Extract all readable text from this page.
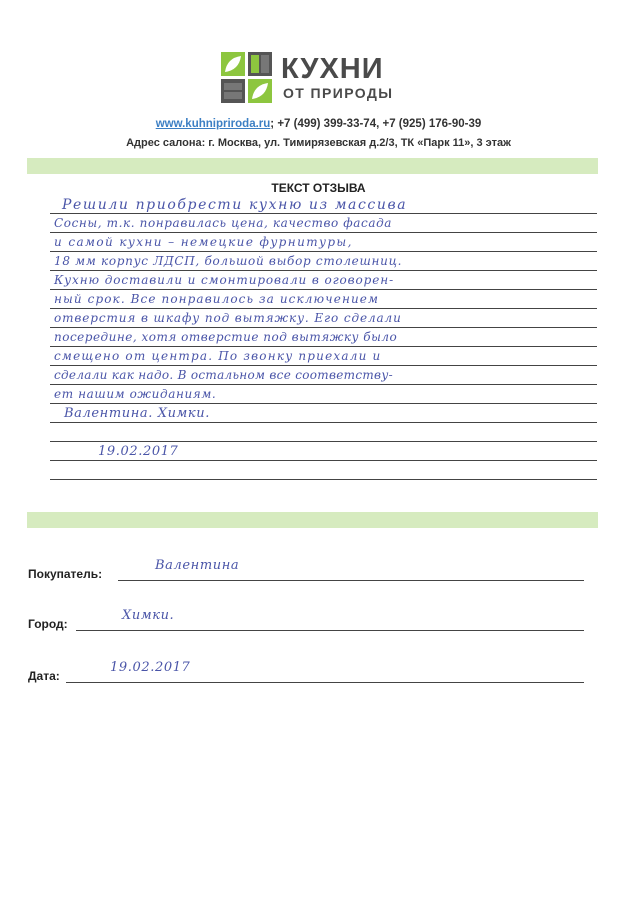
КУХНИ
ОТ ПРИРОДЫ
www.kuhnipriroda.ru; +7 (499) 399-33-74, +7 (925) 176-90-39
Адрес салона: г. Москва, ул. Тимирязевская д.2/3, ТК «Парк 11», 3 этаж
ТЕКСТ ОТЗЫВА
Решили приобрести кухню из массива
Сосны, т.к. понравилась цена, качество фасада
и самой кухни – немецкие фурнитуры,
18 мм корпус ЛДСП, большой выбор столешниц.
Кухню доставили и смонтировали в оговорен-
ный срок. Все понравилось за исключением
отверстия в шкафу под вытяжку. Его сделали
посередине, хотя отверстие под вытяжку было
смещено от центра. По звонку приехали и
сделали как надо. В остальном все соответству-
ет нашим ожиданиям.
Валентина. Химки.
19.02.2017
Покупатель:
Валентина
Город:
Химки.
Дата:
19.02.2017
